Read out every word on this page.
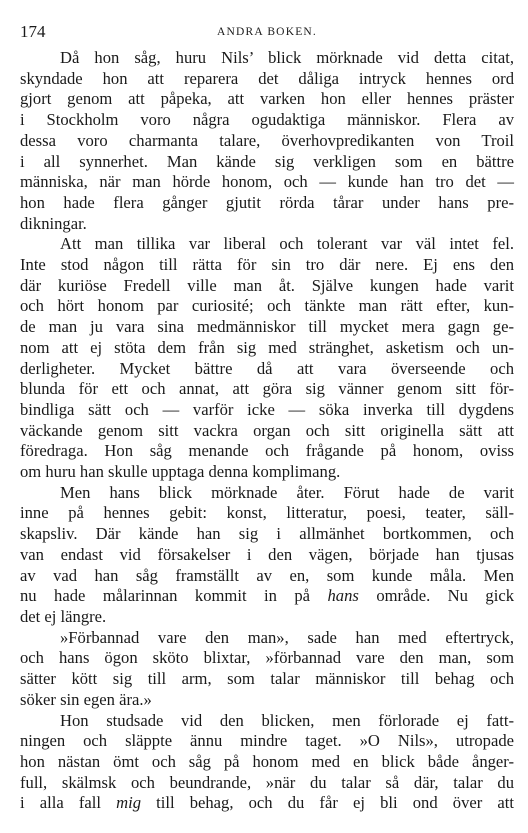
174	ANDRA BOKEN.

Då hon såg, huru Nils’ blick mörknade vid detta citat,
skyndade hon att reparera det dåliga intryck hennes ord
gjort genom att påpeka, att varken hon eller hennes präster
i Stockholm voro några ogudaktiga människor. Flera av
dessa voro charmanta talare, överhovpredikanten von Troil
i all synnerhet. Man kände sig verkligen som en bättre
människa, när man hörde honom, och — kunde han tro det —
hon hade flera gånger gjutit rörda tårar under hans pre-
dikningar.

Att man tillika var liberal och tolerant var väl intet fel.
Inte stod någon till rätta för sin tro där nere. Ej ens den
där kuriöse Fredell ville man åt. Själve kungen hade varit
och hört honom par curiosité; och tänkte man rätt efter, kun-
de man ju vara sina medmänniskor till mycket mera gagn ge-
nom att ej stöta dem från sig med stränghet, asketism och un-
derligheter. Mycket bättre då att vara överseende och
blunda för ett och annat, att göra sig vänner genom sitt för-
bindliga sätt och — varför icke — söka inverka till dygdens
väckande genom sitt vackra organ och sitt originella sätt att
föredraga. Hon såg menande och frågande på honom, oviss
om huru han skulle upptaga denna komplimang.

Men hans blick mörknade åter. Förut hade de varit
inne på hennes gebit: konst, litteratur, poesi, teater, säll-
skapsliv. Där kände han sig i allmänhet bortkommen, och
van endast vid försakelser i den vägen, började han tjusas
av vad han såg framställt av en, som kunde måla. Men
nu hade målarinnan kommit in på hans område. Nu gick
det ej längre.

»Förbannad vare den man», sade han med eftertryck,
och hans ögon sköto blixtar, »förbannad vare den man, som
sätter kött sig till arm, som talar människor till behag och
söker sin egen ära.»

Hon studsade vid den blicken, men förlorade ej fatt-
ningen och släppte ännu mindre taget. »O Nils», utropade
hon nästan ömt och såg på honom med en blick både ånger-
full, skälmsk och beundrande, »när du talar så där, talar du
i alla fall mig till behag, och du får ej bli ond över att
